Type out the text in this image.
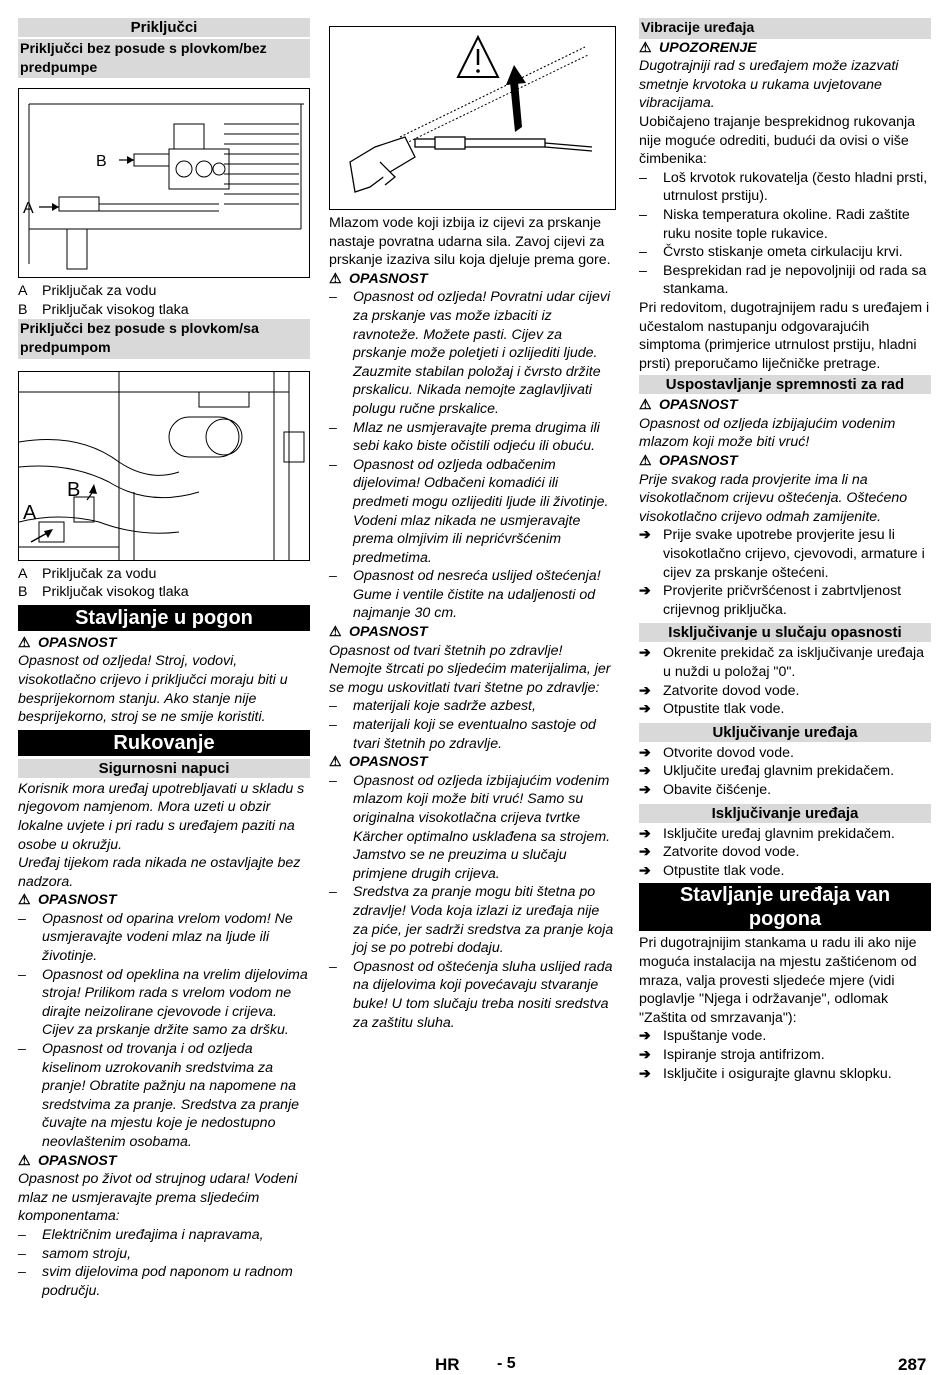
Priključci
Priključci bez posude s plovkom/bez predpumpe
B
A
A	Priključak za vodu
B	Priključak visokog tlaka
Priključci bez posude s plovkom/sa predpumpom
B
A
A	Priključak za vodu
B	Priključak visokog tlaka
Stavljanje u pogon

⚠ OPASNOST

Opasnost od ozljeda! Stroj, vodovi, visokotlačno crijevo i priključci moraju biti u besprijekornom stanju. Ako stanje nije besprijekorno, stroj se ne smije koristiti.

Rukovanje
Sigurnosni napuci

Korisnik mora uređaj upotrebljavati u skladu s njegovom namjenom. Mora uzeti u obzir lokalne uvjete i pri radu s uređajem paziti na osobe u okružju.

Uređaj tijekom rada nikada ne ostavljajte bez nadzora.

⚠ OPASNOST

– Opasnost od oparina vrelom vodom! Ne usmjeravajte vodeni mlaz na ljude ili životinje.
– Opasnost od opeklina na vrelim dijelovima stroja! Prilikom rada s vrelom vodom ne dirajte neizolirane cjevovode i crijeva. Cijev za prskanje držite samo za dršku.
– Opasnost od trovanja i od ozljeda kiselinom uzrokovanih sredstvima za pranje! Obratite pažnju na napomene na sredstvima za pranje. Sredstva za pranje čuvajte na mjestu koje je nedostupno neovlaštenim osobama.

⚠ OPASNOST

Opasnost po život od strujnog udara! Vodeni mlaz ne usmjeravajte prema sljedećim komponentama:

– Električnim uređajima i napravama,
– samom stroju,
– svim dijelovima pod naponom u radnom području.

Mlazom vode koji izbija iz cijevi za prskanje nastaje povratna udarna sila. Zavoj cijevi za prskanje izaziva silu koja djeluje prema gore.

⚠ OPASNOST

– Opasnost od ozljeda! Povratni udar cijevi za prskanje vas može izbaciti iz ravnoteže. Možete pasti. Cijev za prskanje može poletjeti i ozlijediti ljude. Zauzmite stabilan položaj i čvrsto držite prskalicu. Nikada nemojte zaglavljivati polugu ručne prskalice.
– Mlaz ne usmjeravajte prema drugima ili sebi kako biste očistili odjeću ili obuću.
– Opasnost od ozljeda odbačenim dijelovima! Odbačeni komadići ili predmeti mogu ozlijediti ljude ili životinje. Vodeni mlaz nikada ne usmjeravajte prema olmjivim ili neprićvršćenim predmetima.
– Opasnost od nesreća uslijed oštećenja! Gume i ventile čistite na udaljenosti od najmanje 30 cm.

⚠ OPASNOST

Opasnost od tvari štetnih po zdravlje! Nemojte štrcati po sljedećim materijalima, jer se mogu uskovitlati tvari štetne po zdravlje:

– materijali koje sadrže azbest,
– materijali koji se eventualno sastoje od tvari štetnih po zdravlje.

⚠ OPASNOST

– Opasnost od ozljeda izbijajućim vodenim mlazom koji može biti vruć! Samo su originalna visokotlačna crijeva tvrtke Kärcher optimalno usklađena sa strojem. Jamstvo se ne preuzima u slučaju primjene drugih crijeva.
– Sredstva za pranje mogu biti štetna po zdravlje! Voda koja izlazi iz uređaja nije za piće, jer sadrži sredstva za pranje koja joj se po potrebi dodaju.
– Opasnost od oštećenja sluha uslijed rada na dijelovima koji povećavaju stvaranje buke! U tom slučaju treba nositi sredstva za zaštitu sluha.
Vibracije uređaja

⚠ UPOZORENJE

Dugotrajniji rad s uređajem može izazvati smetnje krvotoka u rukama uvjetovane vibracijama.

Uobičajeno trajanje besprekidnog rukovanja nije moguće odrediti, budući da ovisi o više čimbenika:

– Loš krvotok rukovatelja (često hladni prsti, utrnulost prstiju).
– Niska temperatura okoline. Radi zaštite ruku nosite tople rukavice.
– Čvrsto stiskanje ometa cirkulaciju krvi.
– Besprekidan rad je nepovoljniji od rada sa stankama.

Pri redovitom, dugotrajnijem radu s uređajem i učestalom nastupanju odgovarajućih simptoma (primjerice utrnulost prstiju, hladni prsti) preporučamo liječničke pretrage.

Uspostavljanje spremnosti za rad

⚠ OPASNOST

Opasnost od ozljeda izbijajućim vodenim mlazom koji može biti vruć!

⚠ OPASNOST

Prije svakog rada provjerite ima li na visokotlačnom crijevu oštećenja. Oštećeno visokotlačno crijevo odmah zamijenite.

➔ Prije svake upotrebe provjerite jesu li visokotlačno crijevo, cjevovodi, armature i cijev za prskanje oštećeni.
➔ Provjerite pričvršćenost i zabrtvljenost crijevnog priključka.
Isključivanje u slučaju opasnosti
➔ Okrenite prekidač za isključivanje uređaja u nuždi u položaj "0".
➔ Zatvorite dovod vode.
➔ Otpustite tlak vode.
Uključivanje uređaja
➔ Otvorite dovod vode.
➔ Uključite uređaj glavnim prekidačem.
➔ Obavite čišćenje.
Isključivanje uređaja
➔ Isključite uređaj glavnim prekidačem.
➔ Zatvorite dovod vode.
➔ Otpustite tlak vode.
Stavljanje uređaja van pogona

Pri dugotrajnijim stankama u radu ili ako nije moguća instalacija na mjestu zaštićenom od mraza, valja provesti sljedeće mjere (vidi poglavlje "Njega i održavanje", odlomak "Zaštita od smrzavanja"):

➔ Ispuštanje vode.
➔ Ispiranje stroja antifrizom.
➔ Isključite i osigurajte glavnu sklopku.
HR - 5	287
